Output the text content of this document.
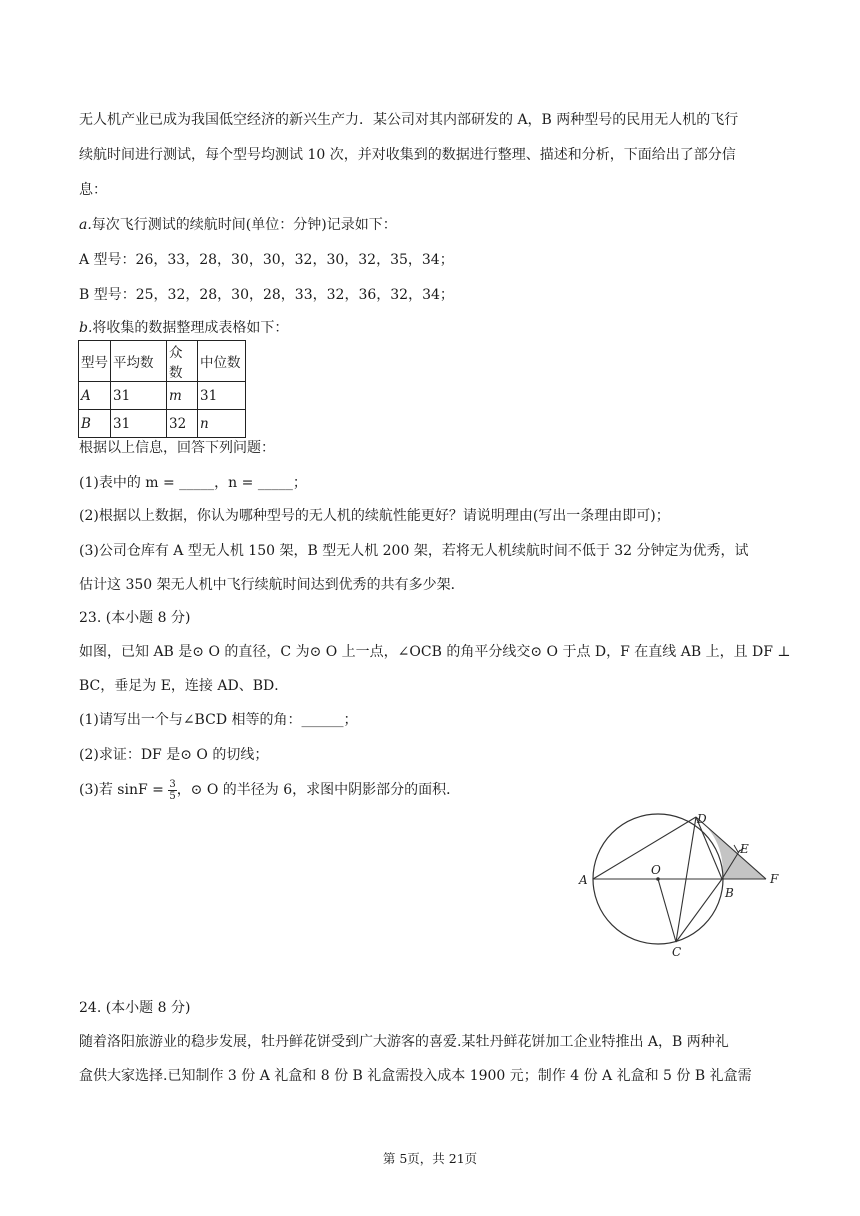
无人机产业已成为我国低空经济的新兴生产力．某公司对其内部研发的 A，B 两种型号的民用无人机的飞行
续航时间进行测试，每个型号均测试 10 次，并对收集到的数据进行整理、描述和分析，下面给出了部分信
息：
a.每次飞行测试的续航时间(单位：分钟)记录如下：
A 型号：26，33，28，30，30，32，30，32，35，34；
B 型号：25，32，28，30，28，33，32，36，32，34；
b.将收集的数据整理成表格如下：
型号	平均数	众数	中位数
A	31	m	31
B	31	32	n
根据以上信息，回答下列问题：
(1)表中的 m = _____，n = _____；
(2)根据以上数据，你认为哪种型号的无人机的续航性能更好？请说明理由(写出一条理由即可)；
(3)公司仓库有 A 型无人机 150 架，B 型无人机 200 架，若将无人机续航时间不低于 32 分钟定为优秀，试
估计这 350 架无人机中飞行续航时间达到优秀的共有多少架．
23. (本小题 8 分)
如图，已知 AB 是⊙ O 的直径，C 为⊙ O 上一点，∠OCB 的角平分线交⊙ O 于点 D，F 在直线 AB 上，且 DF ⊥
BC，垂足为 E，连接 AD、BD．
(1)请写出一个与∠BCD 相等的角：______；
(2)求证：DF 是⊙ O 的切线；
(3)若 $\sin F = \frac{3}{5}$ ，⊙ O 的半径为 6，求图中阴影部分的面积．
A
O
D
E
B
F
C
24. (本小题 8 分)
随着洛阳旅游业的稳步发展，牡丹鲜花饼受到广大游客的喜爱.某牡丹鲜花饼加工企业特推出 A，B 两种礼
盒供大家选择.已知制作 3 份 A 礼盒和 8 份 B 礼盒需投入成本 1900 元；制作 4 份 A 礼盒和 5 份 B 礼盒需
第 5页，共 21页
